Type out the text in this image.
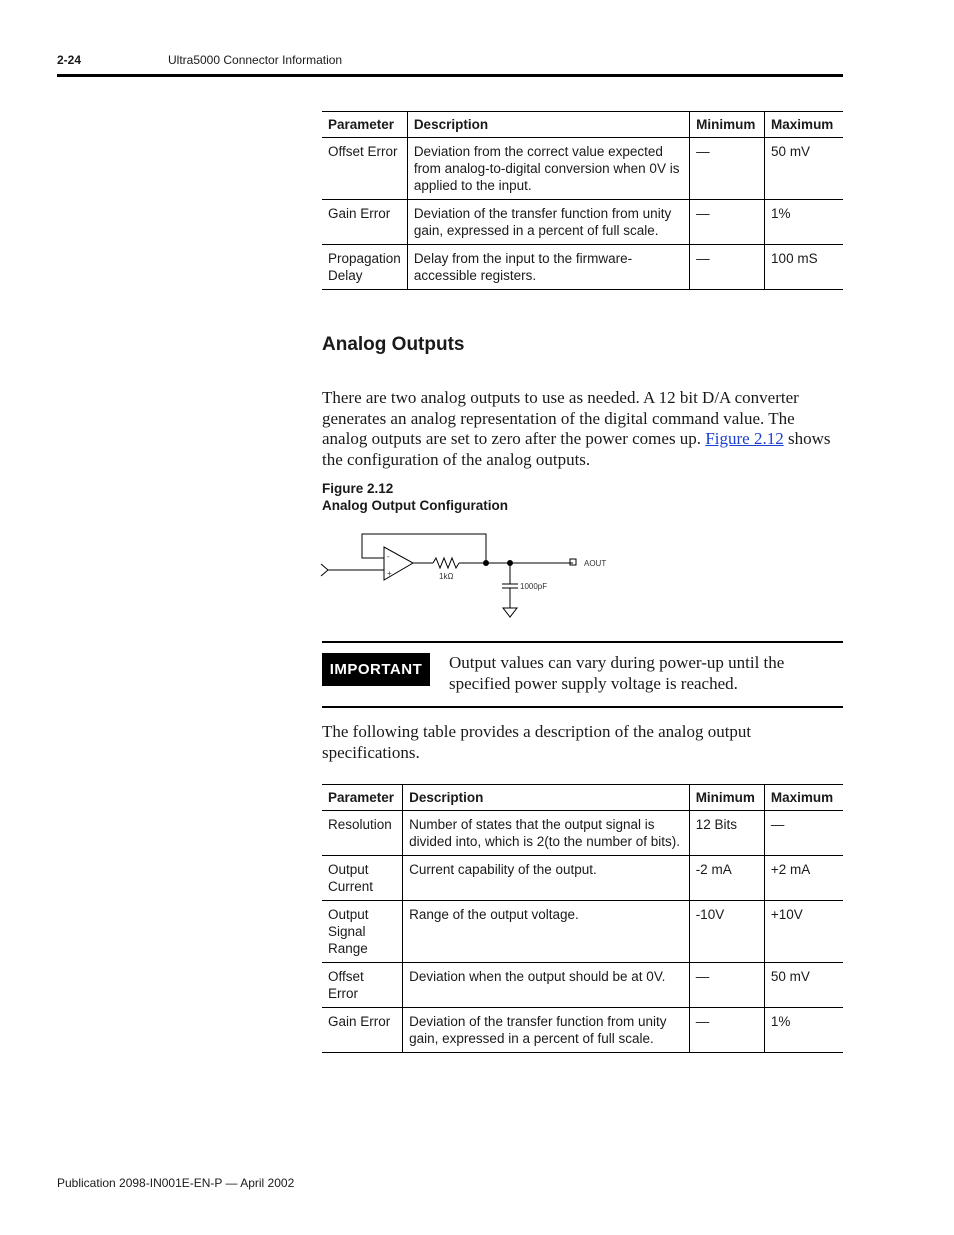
2-24	Ultra5000 Connector Information
Parameter	Description	Minimum	Maximum
Offset Error	Deviation from the correct value expected from analog-to-digital conversion when 0V is applied to the input.	—	50 mV
Gain Error	Deviation of the transfer function from unity gain, expressed in a percent of full scale.	—	1%
Propagation Delay	Delay from the input to the firmware-accessible registers.	—	100 mS
Analog Outputs

There are two analog outputs to use as needed. A 12 bit D/A converter generates an analog representation of the digital command value. The analog outputs are set to zero after the power comes up. Figure 2.12 shows the configuration of the analog outputs.

Figure 2.12
Analog Output Configuration
-
+	1kΩ
1000pF
AOUT
IMPORTANT	Output values can vary during power-up until the specified power supply voltage is reached.

The following table provides a description of the analog output specifications.

Parameter	Description	Minimum	Maximum
Resolution	Number of states that the output signal is divided into, which is 2(to the number of bits).	12 Bits	—
Output Current	Current capability of the output.	-2 mA	+2 mA
Output Signal Range	Range of the output voltage.	-10V	+10V
Offset Error	Deviation when the output should be at 0V.	—	50 mV
Gain Error	Deviation of the transfer function from unity gain, expressed in a percent of full scale.	—	1%
Publication 2098-IN001E-EN-P — April 2002
